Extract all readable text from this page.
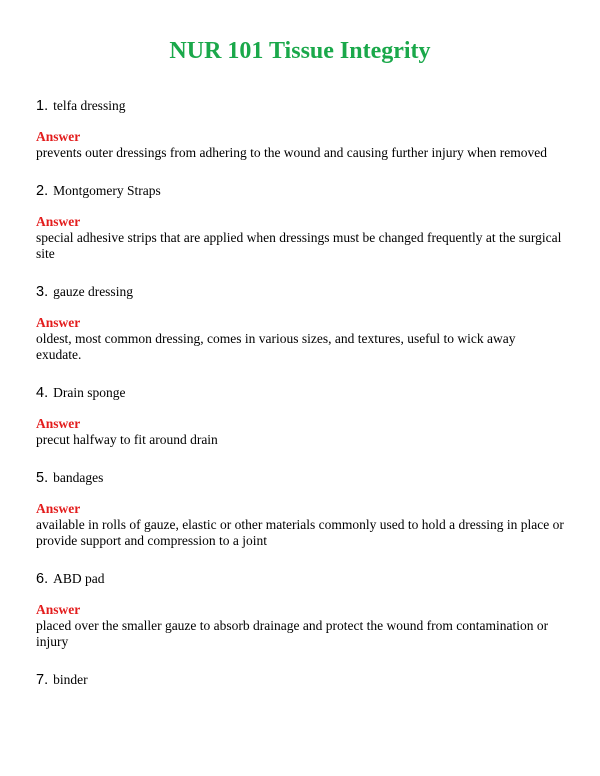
NUR 101 Tissue Integrity

1. telfa dressing

Answer

prevents outer dressings from adhering to the wound and causing further injury when removed

2. Montgomery Straps

Answer

special adhesive strips that are applied when dressings must be changed frequently at the surgical site

3. gauze dressing

Answer

oldest, most common dressing, comes in various sizes, and textures, useful to wick away exudate.

4. Drain sponge

Answer

precut halfway to fit around drain

5. bandages

Answer

available in rolls of gauze, elastic or other materials commonly used to hold a dressing in place or provide support and compression to a joint

6. ABD pad

Answer

placed over the smaller gauze to absorb drainage and protect the wound from contamination or injury

7. binder
